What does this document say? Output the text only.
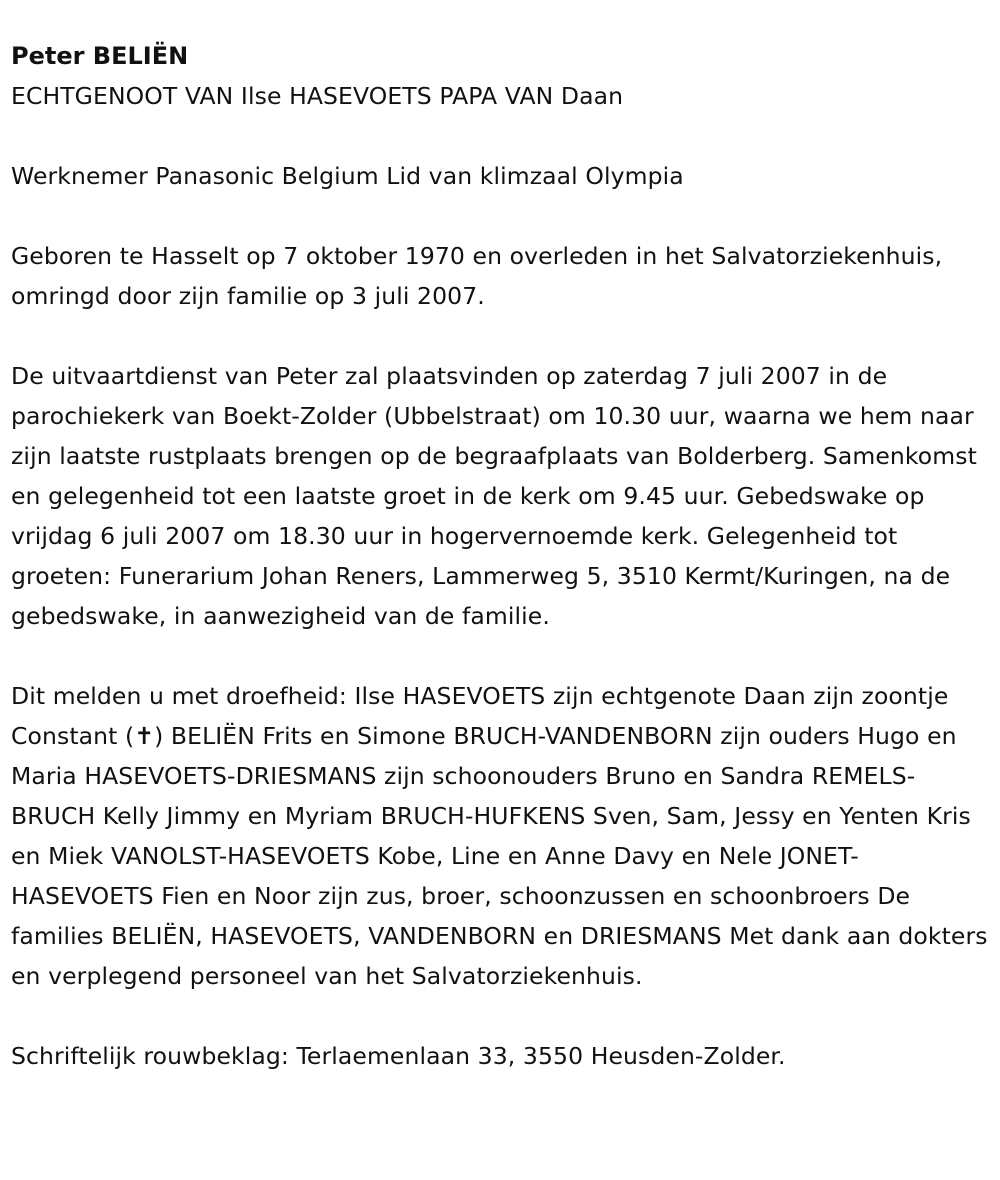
Peter BELIËN

ECHTGENOOT VAN Ilse HASEVOETS PAPA VAN Daan

Werknemer Panasonic Belgium Lid van klimzaal Olympia

Geboren te Hasselt op 7 oktober 1970 en overleden in het Salvatorziekenhuis, omringd door zijn familie op 3 juli 2007.

De uitvaartdienst van Peter zal plaatsvinden op zaterdag 7 juli 2007 in de parochiekerk van Boekt-Zolder (Ubbelstraat) om 10.30 uur, waarna we hem naar zijn laatste rustplaats brengen op de begraafplaats van Bolderberg. Samenkomst en gelegenheid tot een laatste groet in de kerk om 9.45 uur. Gebedswake op vrijdag 6 juli 2007 om 18.30 uur in hogervernoemde kerk. Gelegenheid tot groeten: Funerarium Johan Reners, Lammerweg 5, 3510 Kermt/Kuringen, na de gebedswake, in aanwezigheid van de familie.

Dit melden u met droefheid: Ilse HASEVOETS zijn echtgenote Daan zijn zoontje Constant (✝) BELIËN Frits en Simone BRUCH-VANDENBORN zijn ouders Hugo en Maria HASEVOETS-DRIESMANS zijn schoonouders Bruno en Sandra REMELS-BRUCH Kelly Jimmy en Myriam BRUCH-HUFKENS Sven, Sam, Jessy en Yenten Kris en Miek VANOLST-HASEVOETS Kobe, Line en Anne Davy en Nele JONET-HASEVOETS Fien en Noor zijn zus, broer, schoonzussen en schoonbroers De families BELIËN, HASEVOETS, VANDENBORN en DRIESMANS Met dank aan dokters en verplegend personeel van het Salvatorziekenhuis.

Schriftelijk rouwbeklag: Terlaemenlaan 33, 3550 Heusden-Zolder.
